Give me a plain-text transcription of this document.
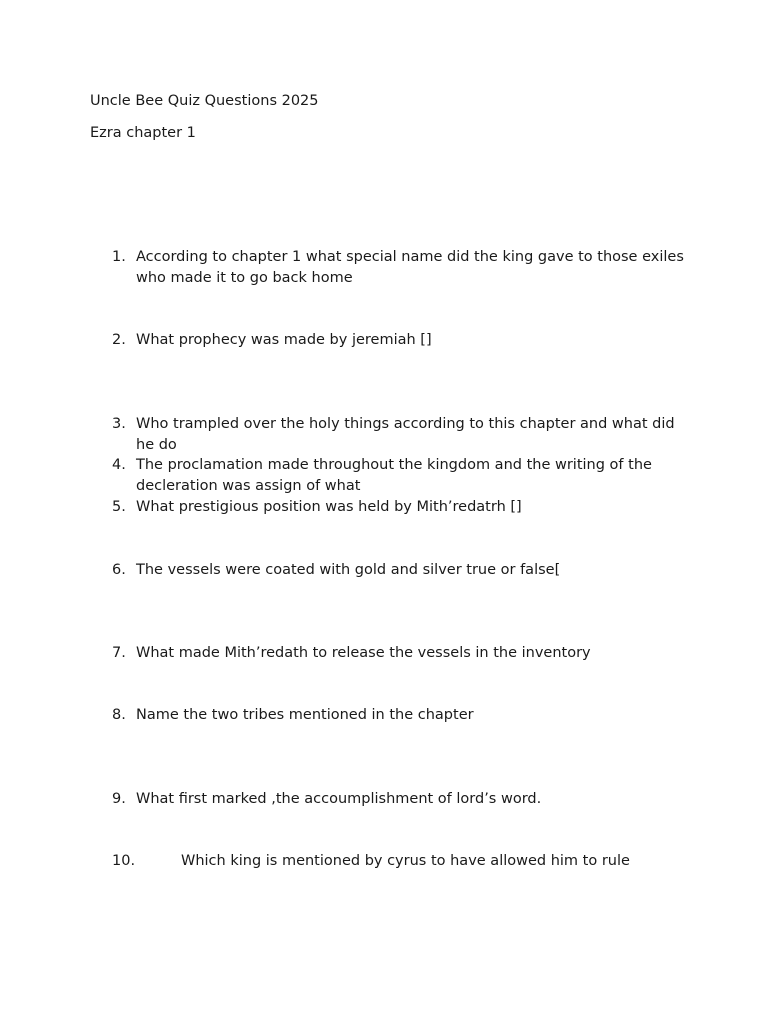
Uncle Bee Quiz Questions 2025
Ezra chapter 1
1. According to chapter 1 what special name did the king gave to those exiles who made it to go back home
2. What prophecy was made by jeremiah []
3. Who trampled over the holy things according to this chapter and what did he do
4. The proclamation made throughout the kingdom and the writing of the decleration was assign of what
5. What prestigious position was held by Mith’redatrh []
6. The vessels were coated with gold and silver true or false[
7. What made Mith’redath to release the vessels in the inventory
8. Name the two tribes mentioned in the chapter
9. What first marked ,the accoumplishment of lord’s word.
10.	Which king is mentioned by cyrus to have allowed him to rule
